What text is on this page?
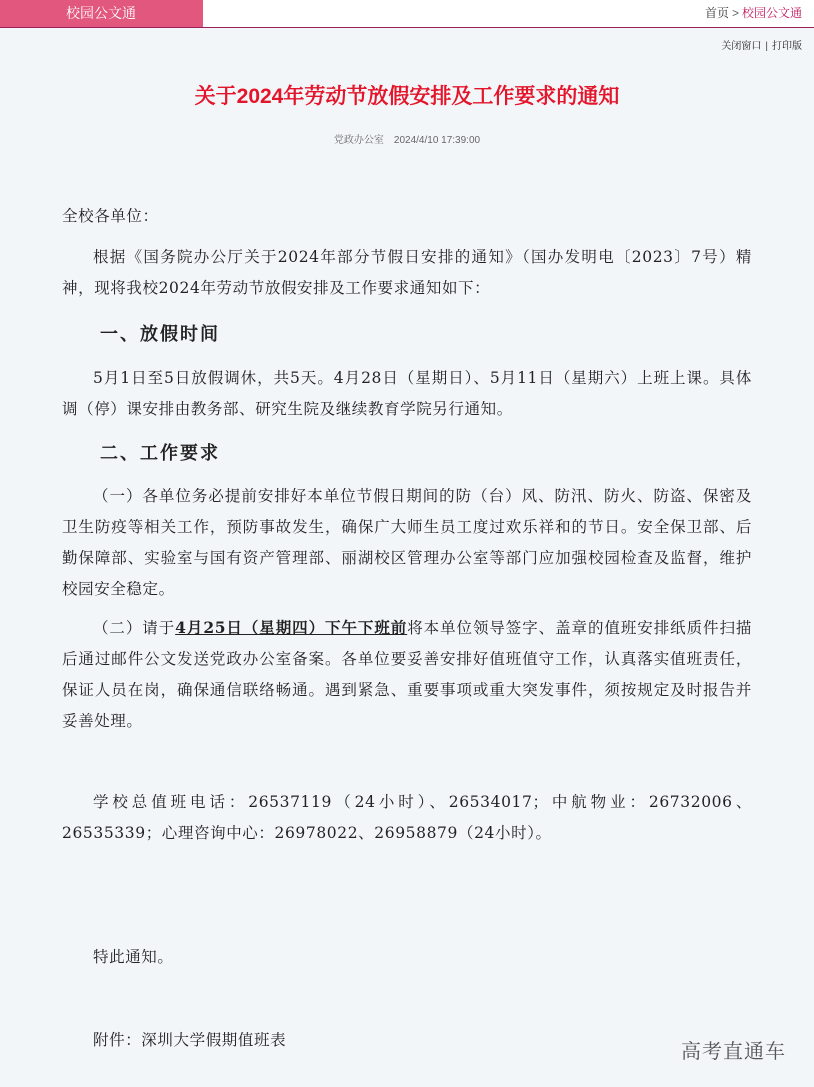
校园公文通	首页 > 校园公文通
关闭窗口 | 打印版
关于2024年劳动节放假安排及工作要求的通知
党政办公室 2024/4/10 17:39:00
全校各单位：
根据《国务院办公厅关于2024年部分节假日安排的通知》（国办发明电〔2023〕7号）精神，现将我校2024年劳动节放假安排及工作要求通知如下：
一、放假时间
5月1日至5日放假调休，共5天。4月28日（星期日）、5月11日（星期六）上班上课。具体调（停）课安排由教务部、研究生院及继续教育学院另行通知。
二、工作要求
（一）各单位务必提前安排好本单位节假日期间的防（台）风、防汛、防火、防盗、保密及卫生防疫等相关工作，预防事故发生，确保广大师生员工度过欢乐祥和的节日。安全保卫部、后勤保障部、实验室与国有资产管理部、丽湖校区管理办公室等部门应加强校园检查及监督，维护校园安全稳定。
（二）请于4月25日（星期四）下午下班前将本单位领导签字、盖章的值班安排纸质件扫描后通过邮件公文发送党政办公室备案。各单位要妥善安排好值班值守工作，认真落实值班责任，保证人员在岗，确保通信联络畅通。遇到紧急、重要事项或重大突发事件，须按规定及时报告并妥善处理。
学校总值班电话：26537119（24小时）、26534017；中航物业：26732006、26535339；心理咨询中心：26978022、26958879（24小时）。
特此通知。
附件：深圳大学假期值班表
高考直通车
